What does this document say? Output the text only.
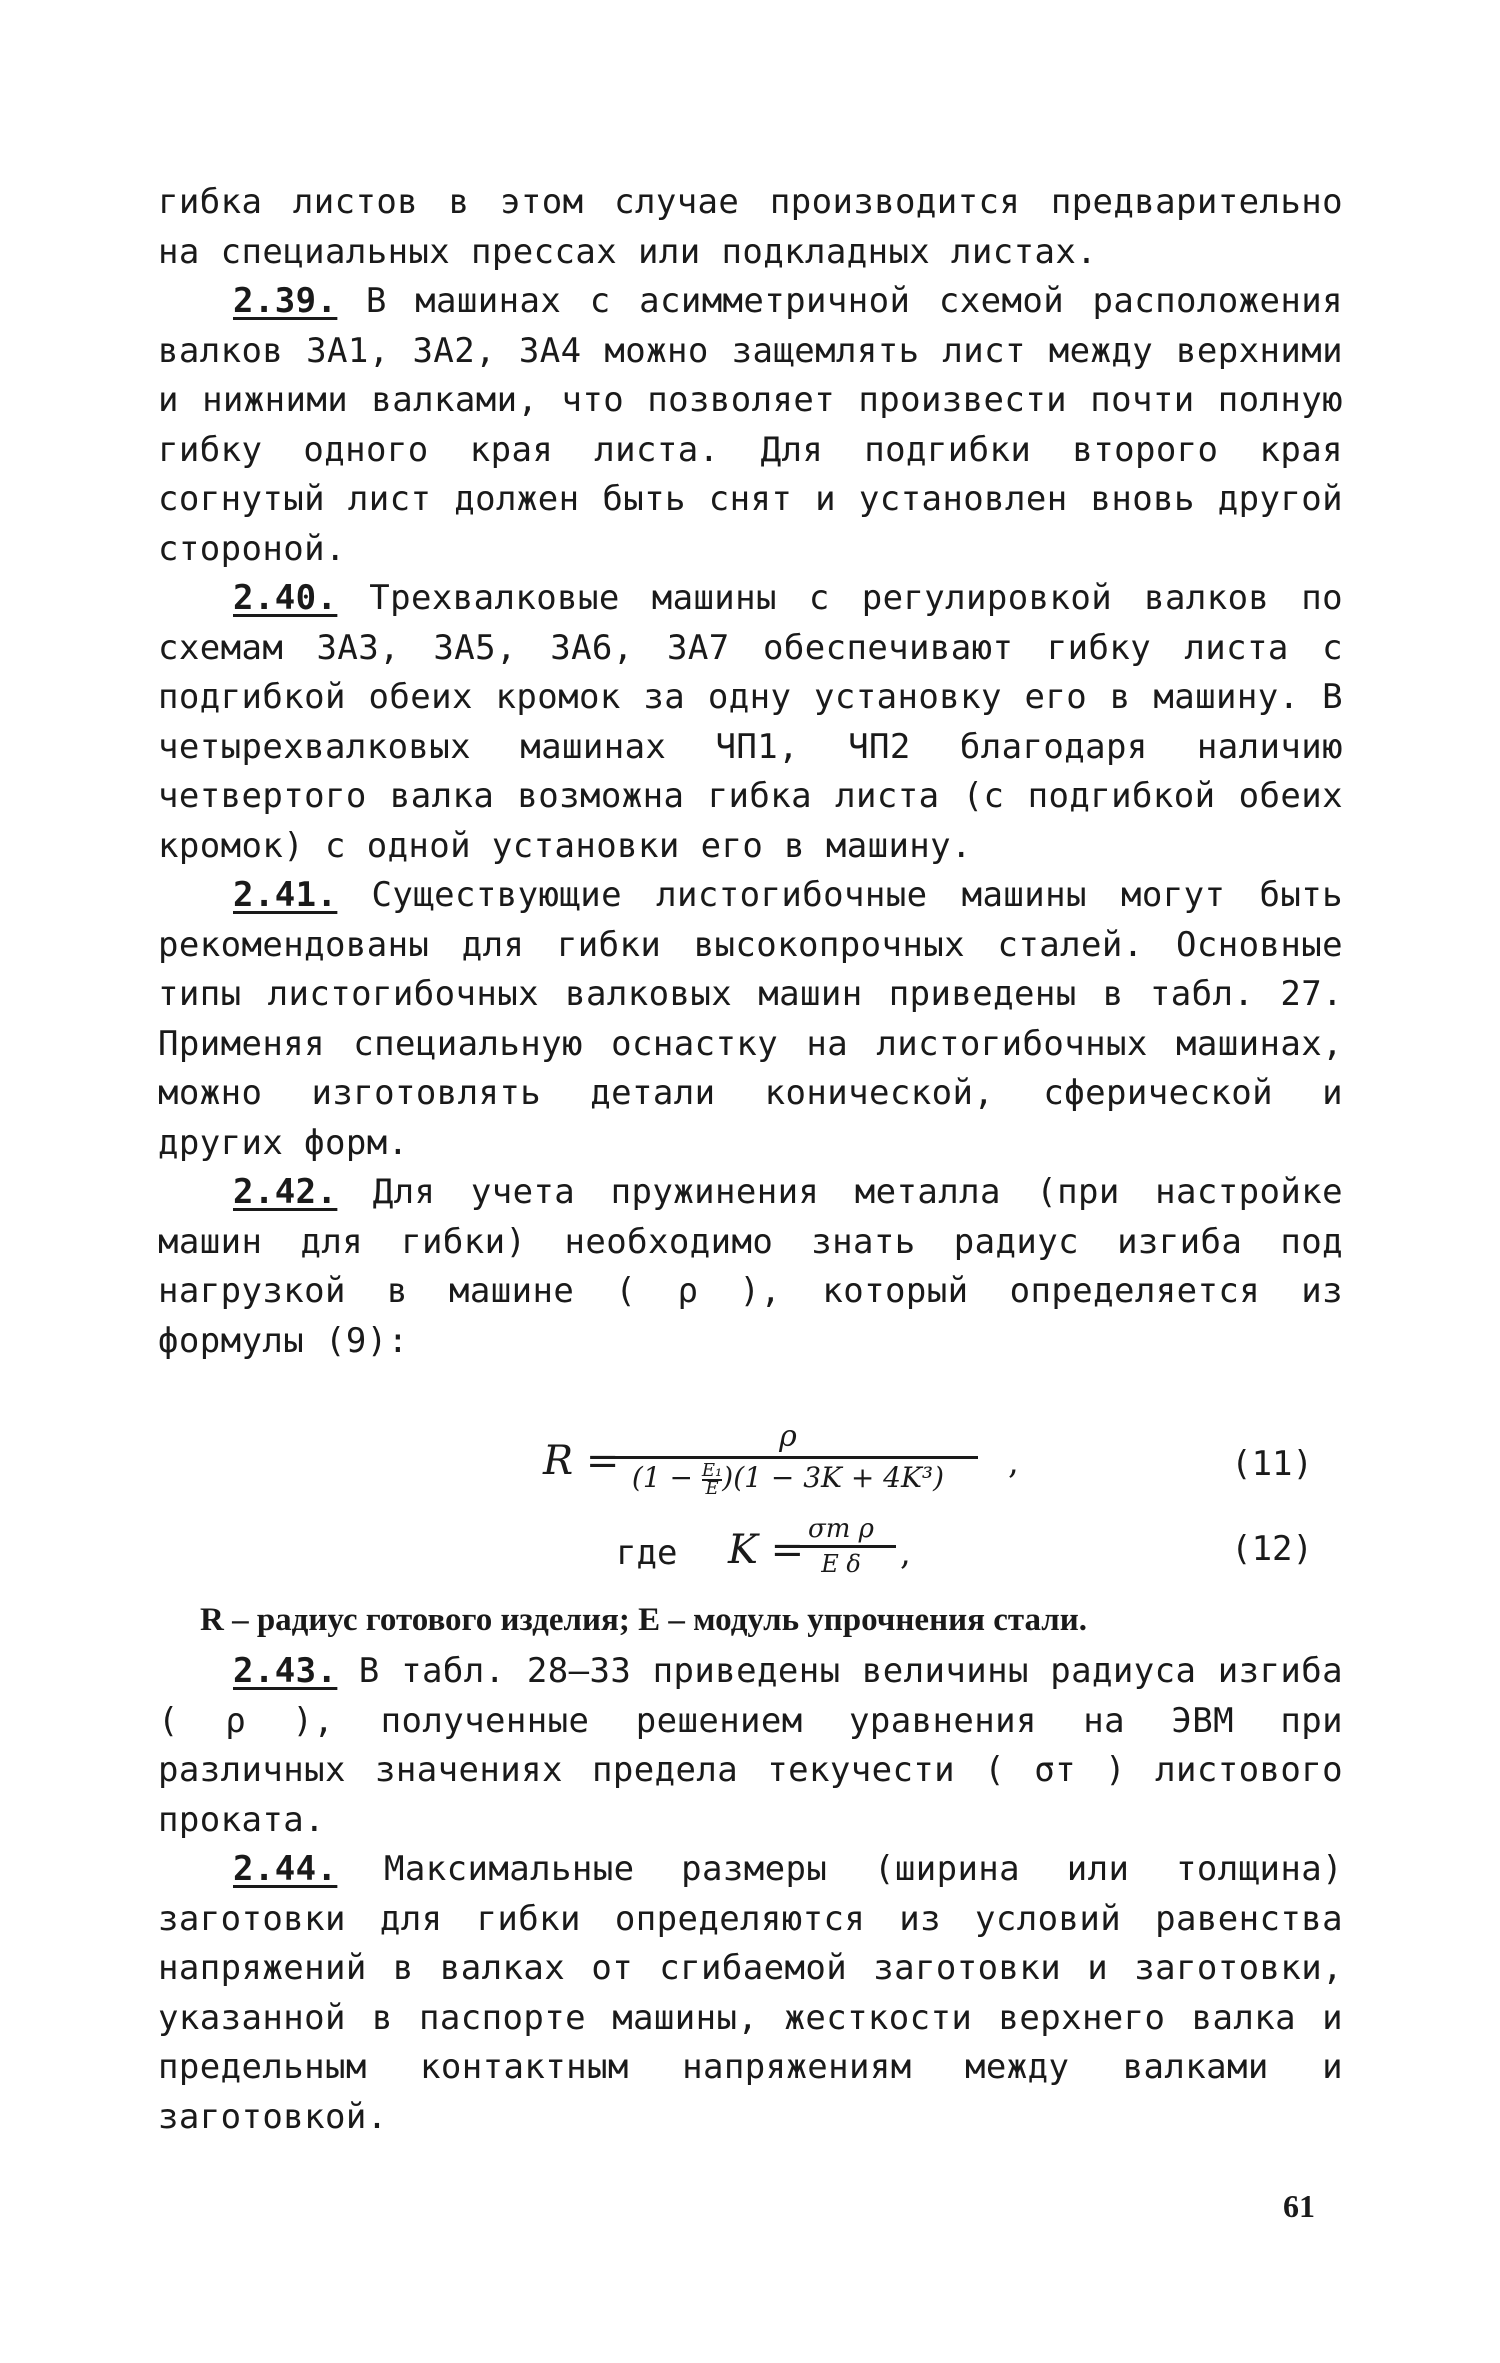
гибка листов в этом случае производится предварительно на специальных прессах или подкладных листах.

2.39. В машинах с асимметричной схемой расположения валков 3А1, 3А2, 3А4 можно защемлять лист между верхними и нижними валками, что позволяет произвести почти полную гибку одного края листа. Для подгибки второго края согнутый лист должен быть снят и установлен вновь другой стороной.

2.40. Трехвалковые машины с регулировкой валков по схемам 3А3, 3А5, 3А6, 3А7 обеспечивают гибку листа с подгибкой обеих кромок за одну установку его в машину. В четырехвалковых машинах ЧП1, ЧП2 благодаря наличию четвертого валка возможна гибка листа (с подгибкой обеих кромок) с одной установки его в машину.

2.41. Существующие листогибочные машины могут быть рекомендованы для гибки высокопрочных сталей. Основные типы листогибочных валковых машин приведены в табл. 27. Применяя специальную оснастку на листогибочных машинах, можно изготовлять детали конической, сферической и других форм.

2.42. Для учета пружинения металла (при настройке машин для гибки) необходимо знать радиус изгиба под нагрузкой в машине ( ρ ), который определяется из формулы (9):

R =
$\frac{\rho}{(1 - \frac{\text{E₁}}{E})(1 - 3K + 4K^3)}$ ,	(11)
где K = σт ρ
E δ	,	(12)
R – радиус готового изделия; E – модуль упрочнения стали.

2.43. В табл. 28–33 приведены величины радиуса изгиба ( ρ ), полученные решением уравнения на ЭВМ при различных значениях предела текучести ( σт ) листового проката.

2.44. Максимальные размеры (ширина или толщина) заготовки для гибки определяются из условий равенства напряжений в валках от сгибаемой заготовки и заготовки, указанной в паспорте машины, жесткости верхнего валка и предельным контактным напряжениям между валками и заготовкой.

61
